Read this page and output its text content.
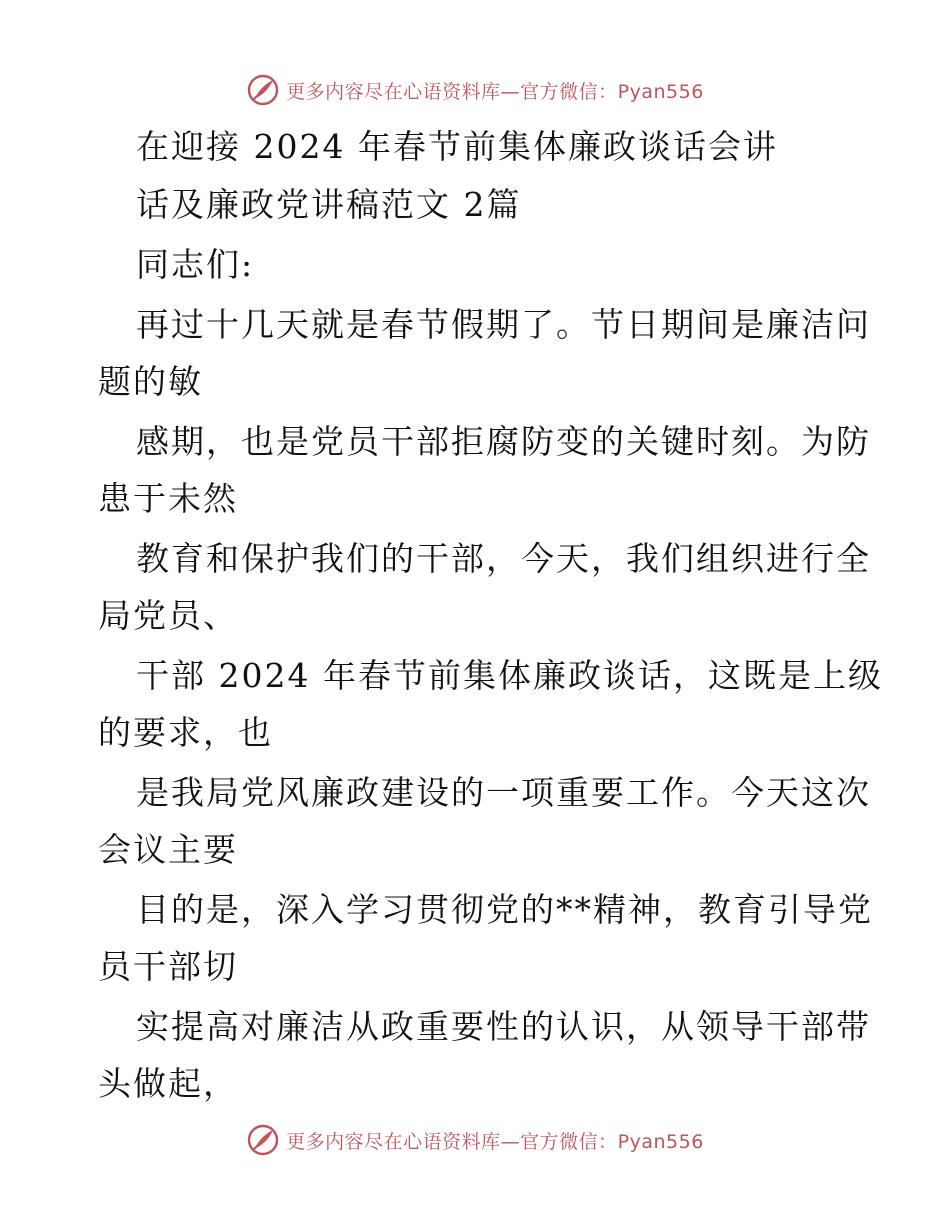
更多内容尽在心语资料库—官方微信：Pyan556
在迎接 2024 年春节前集体廉政谈话会讲
话及廉政党讲稿范文 2篇
同志们:
再过十几天就是春节假期了。节日期间是廉洁问
题的敏
感期，也是党员干部拒腐防变的关键时刻。为防
患于未然
教育和保护我们的干部，今天，我们组织进行全
局党员、
干部 2024 年春节前集体廉政谈话，这既是上级
的要求，也
是我局党风廉政建设的一项重要工作。今天这次
会议主要
目的是，深入学习贯彻党的**精神，教育引导党
员干部切
实提高对廉洁从政重要性的认识，从领导干部带
头做起，
更多内容尽在心语资料库—官方微信：Pyan556
